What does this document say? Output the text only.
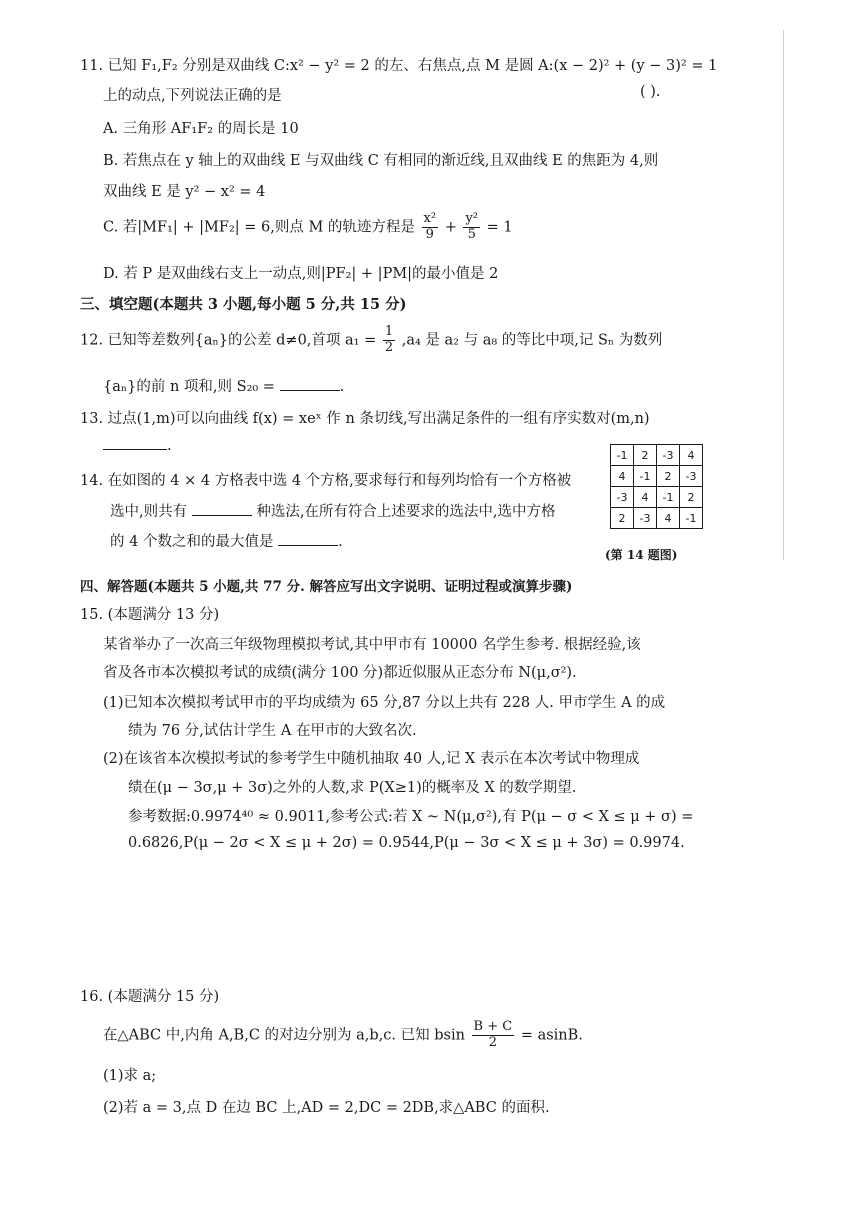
11. 已知 F₁,F₂ 分别是双曲线 C:x² − y² = 2 的左、右焦点,点 M 是圆 A:(x − 2)² + (y − 3)² = 1
上的动点,下列说法正确的是	( ).
A. 三角形 AF₁F₂ 的周长是 10
B. 若焦点在 y 轴上的双曲线 E 与双曲线 C 有相同的渐近线,且双曲线 E 的焦距为 4,则
双曲线 E 是 y² − x² = 4
C. 若|MF₁| + |MF₂| = 6,则点 M 的轨迹方程是 $\frac{\text{x²}}{9} + \frac{\text{y²}}{5} = 1$
D. 若 P 是双曲线右支上一动点,则|PF₂| + |PM|的最小值是 2
三、填空题(本题共 3 小题,每小题 5 分,共 15 分)
12. 已知等差数列{aₙ}的公差 d≠0,首项 $a_1 = \frac{1}{2} ,a_4$ 是 a₂ 与 a₈ 的等比中项,记 Sₙ 为数列
{aₙ}的前 n 项和,则 S₂₀ =	.
13. 过点(1,m)可以向曲线 f(x) = xeˣ 作 n 条切线,写出满足条件的一组有序实数对(m,n)
.
14. 在如图的 4 × 4 方格表中选 4 个方格,要求每行和每列均恰有一个方格被
选中,则共有	种选法,在所有符合上述要求的选法中,选中方格
的 4 个数之和的最大值是	.
-1	2	-3	4
4	-1	2	-3
-3	4	-1	2
2	-3	4	-1
(第 14 题图)
四、解答题(本题共 5 小题,共 77 分. 解答应写出文字说明、证明过程或演算步骤)
15. (本题满分 13 分)
某省举办了一次高三年级物理模拟考试,其中甲市有 10000 名学生参考. 根据经验,该
省及各市本次模拟考试的成绩(满分 100 分)都近似服从正态分布 N(μ,σ²).
(1)已知本次模拟考试甲市的平均成绩为 65 分,87 分以上共有 228 人. 甲市学生 A 的成
绩为 76 分,试估计学生 A 在甲市的大致名次.
(2)在该省本次模拟考试的参考学生中随机抽取 40 人,记 X 表示在本次考试中物理成
绩在(μ − 3σ,μ + 3σ)之外的人数,求 P(X≥1)的概率及 X 的数学期望.
参考数据:0.9974⁴⁰ ≈ 0.9011,参考公式:若 X ~ N(μ,σ²),有 P(μ − σ < X ≤ μ + σ) =
0.6826,P(μ − 2σ < X ≤ μ + 2σ) = 0.9544,P(μ − 3σ < X ≤ μ + 3σ) = 0.9974.
16. (本题满分 15 分)
在△ABC 中,内角 A,B,C 的对边分别为 a,b,c. 已知 bsin $\frac{B + C}{2} = asinB$.
(1)求 a;
(2)若 a = 3,点 D 在边 BC 上,AD = 2,DC = 2DB,求△ABC 的面积.
